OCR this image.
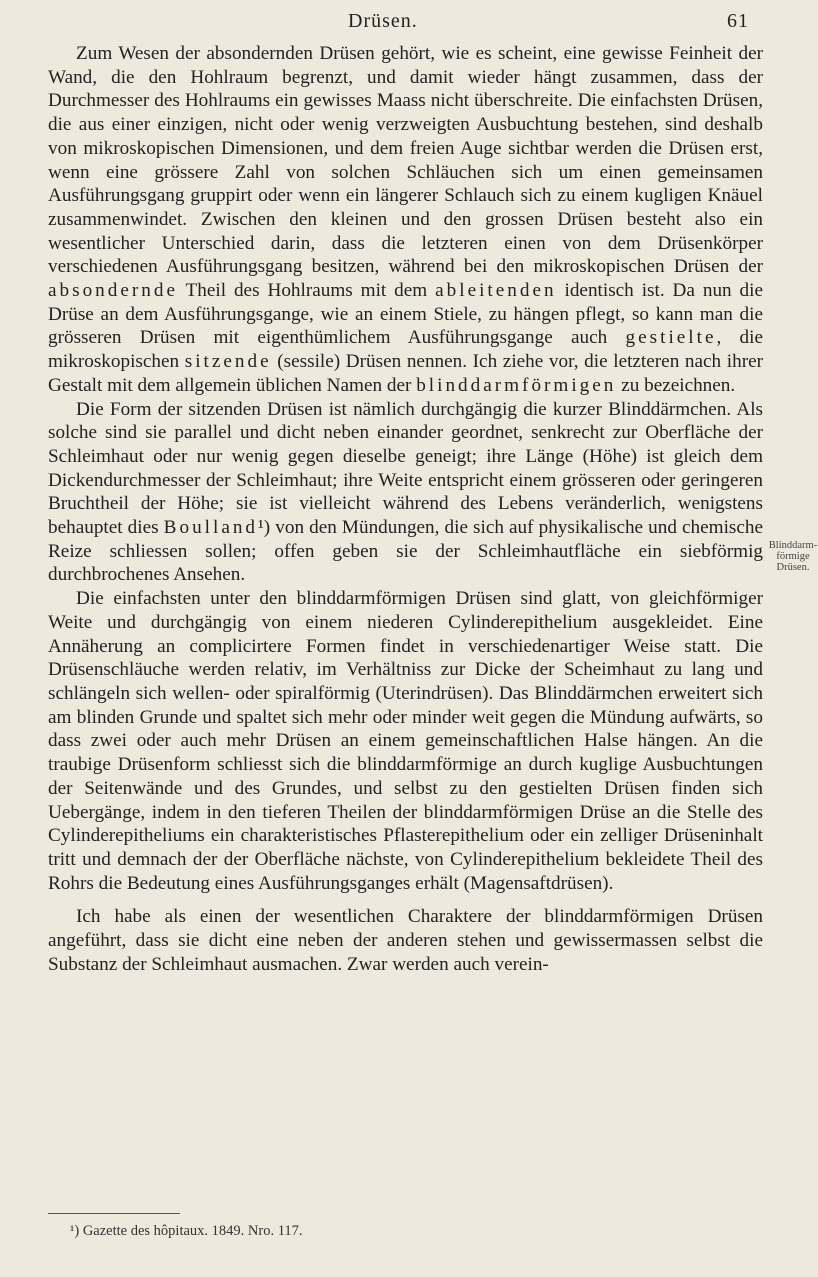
Drüsen.	61

Zum Wesen der absondernden Drüsen gehört, wie es scheint, eine gewisse Feinheit der Wand, die den Hohlraum begrenzt, und damit wieder hängt zusammen, dass der Durchmesser des Hohlraums ein gewisses Maass nicht überschreite. Die einfachsten Drüsen, die aus einer einzigen, nicht oder wenig verzweigten Ausbuchtung bestehen, sind deshalb von mikroskopischen Dimensionen, und dem freien Auge sichtbar werden die Drüsen erst, wenn eine grössere Zahl von solchen Schläuchen sich um einen gemeinsamen Ausführungsgang gruppirt oder wenn ein längerer Schlauch sich zu einem kugligen Knäuel zusammenwindet. Zwischen den kleinen und den grossen Drüsen besteht also ein wesentlicher Unterschied darin, dass die letzteren einen von dem Drüsenkörper verschiedenen Ausführungsgang besitzen, während bei den mikroskopischen Drüsen der absondernde Theil des Hohlraums mit dem ableitenden identisch ist. Da nun die Drüse an dem Ausführungsgange, wie an einem Stiele, zu hängen pflegt, so kann man die grösseren Drüsen mit eigenthümlichem Ausführungsgange auch gestielte, die mikroskopischen sitzende (sessile) Drüsen nennen. Ich ziehe vor, die letzteren nach ihrer Gestalt mit dem allgemein üblichen Namen der blinddarmförmigen zu bezeichnen.

Die Form der sitzenden Drüsen ist nämlich durchgängig die kurzer Blinddärmchen. Als solche sind sie parallel und dicht neben einander geordnet, senkrecht zur Oberfläche der Schleimhaut oder nur wenig gegen dieselbe geneigt; ihre Länge (Höhe) ist gleich dem Dickendurchmesser der Schleimhaut; ihre Weite entspricht einem grösseren oder geringeren Bruchtheil der Höhe; sie ist vielleicht während des Lebens veränderlich, wenigstens behauptet dies Boulland¹) von den Mündungen, die sich auf physikalische und chemische Reize schliessen sollen; offen geben sie der Schleimhautfläche ein siebförmig durchbrochenes Ansehen.

Die einfachsten unter den blinddarmförmigen Drüsen sind glatt, von gleichförmiger Weite und durchgängig von einem niederen Cylinderepithelium ausgekleidet. Eine Annäherung an complicirtere Formen findet in verschiedenartiger Weise statt. Die Drüsenschläuche werden relativ, im Verhältniss zur Dicke der Scheimhaut zu lang und schlängeln sich wellen- oder spiralförmig (Uterindrüsen). Das Blinddärmchen erweitert sich am blinden Grunde und spaltet sich mehr oder minder weit gegen die Mündung aufwärts, so dass zwei oder auch mehr Drüsen an einem gemeinschaftlichen Halse hängen. An die traubige Drüsenform schliesst sich die blinddarmförmige an durch kuglige Ausbuchtungen der Seitenwände und des Grundes, und selbst zu den gestielten Drüsen finden sich Uebergänge, indem in den tieferen Theilen der blinddarmförmigen Drüse an die Stelle des Cylinderepitheliums ein charakteristisches Pflasterepithelium oder ein zelliger Drüseninhalt tritt und demnach der der Oberfläche nächste, von Cylinderepithelium bekleidete Theil des Rohrs die Bedeutung eines Ausführungsganges erhält (Magensaftdrüsen).

Ich habe als einen der wesentlichen Charaktere der blinddarmförmigen Drüsen angeführt, dass sie dicht eine neben der anderen stehen und gewissermassen selbst die Substanz der Schleimhaut ausmachen. Zwar werden auch verein-

Blinddarm-
förmige
Drüsen.
¹) Gazette des hôpitaux. 1849. Nro. 117.
